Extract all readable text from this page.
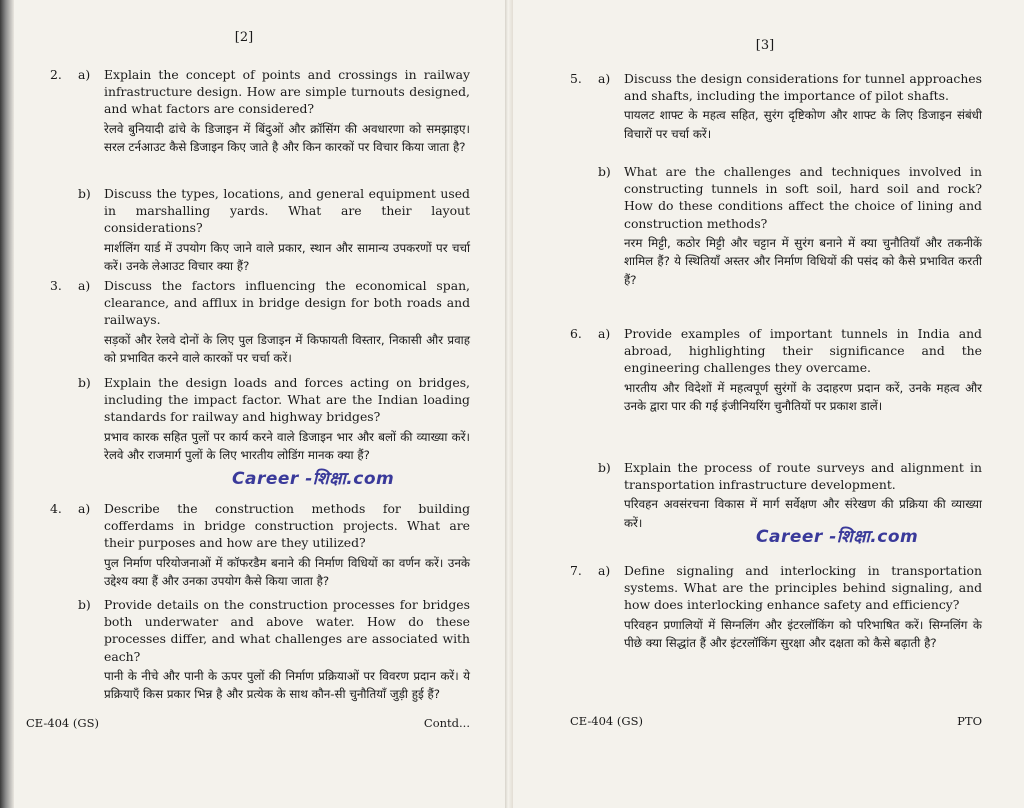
[2]
2.	a)	Explain the concept of points and crossings in railway infrastructure design. How are simple turnouts designed, and what factors are considered?
रेलवे बुनियादी ढांचे के डिजाइन में बिंदुओं और क्रॉसिंग की अवधारणा को समझाइए। सरल टर्नआउट कैसे डिजाइन किए जाते है और किन कारकों पर विचार किया जाता है?
b)	Discuss the types, locations, and general equipment used in marshalling yards. What are their layout considerations?
मार्शलिंग यार्ड में उपयोग किए जाने वाले प्रकार, स्थान और सामान्य उपकरणों पर चर्चा करें। उनके लेआउट विचार क्या हैं?
3.	a)	Discuss the factors influencing the economical span, clearance, and afflux in bridge design for both roads and railways.
सड़कों और रेलवे दोनों के लिए पुल डिजाइन में किफायती विस्तार, निकासी और प्रवाह को प्रभावित करने वाले कारकों पर चर्चा करें।
b)	Explain the design loads and forces acting on bridges, including the impact factor. What are the Indian loading standards for railway and highway bridges?
प्रभाव कारक सहित पुलों पर कार्य करने वाले डिजाइन भार और बलों की व्याख्या करें। रेलवे और राजमार्ग पुलों के लिए भारतीय लोडिंग मानक क्या हैं?
4.	a)	Describe the construction methods for building cofferdams in bridge construction projects. What are their purposes and how are they utilized?
पुल निर्माण परियोजनाओं में कॉफरडैम बनाने की निर्माण विधियों का वर्णन करें। उनके उद्देश्य क्या हैं और उनका उपयोग कैसे किया जाता है?
b)	Provide details on the construction processes for bridges both underwater and above water. How do these processes differ, and what challenges are associated with each?
पानी के नीचे और पानी के ऊपर पुलों की निर्माण प्रक्रियाओं पर विवरण प्रदान करें। ये प्रक्रियाएँ किस प्रकार भिन्न है और प्रत्येक के साथ कौन-सी चुनौतियाँ जुड़ी हुई हैं?
Career -शिक्षा.com
CE-404 (GS)	Contd...
[3]
5.	a)	Discuss the design considerations for tunnel approaches and shafts, including the importance of pilot shafts.
पायलट शाफ्ट के महत्व सहित, सुरंग दृष्टिकोण और शाफ्ट के लिए डिजाइन संबंधी विचारों पर चर्चा करें।
b)	What are the challenges and techniques involved in constructing tunnels in soft soil, hard soil and rock? How do these conditions affect the choice of lining and construction methods?
नरम मिट्टी, कठोर मिट्टी और चट्टान में सुरंग बनाने में क्या चुनौतियाँ और तकनीकें शामिल हैं? ये स्थितियाँ अस्तर और निर्माण विधियों की पसंद को कैसे प्रभावित करती हैं?
6.	a)	Provide examples of important tunnels in India and abroad, highlighting their significance and the engineering challenges they overcame.
भारतीय और विदेशों में महत्वपूर्ण सुरंगों के उदाहरण प्रदान करें, उनके महत्व और उनके द्वारा पार की गई इंजीनियरिंग चुनौतियों पर प्रकाश डालें।
b)	Explain the process of route surveys and alignment in transportation infrastructure development.
परिवहन अवसंरचना विकास में मार्ग सर्वेक्षण और संरेखण की प्रक्रिया की व्याख्या करें।
7.	a)	Define signaling and interlocking in transportation systems. What are the principles behind signaling, and how does interlocking enhance safety and efficiency?
परिवहन प्रणालियों में सिग्नलिंग और इंटरलॉकिंग को परिभाषित करें। सिग्नलिंग के पीछे क्या सिद्धांत हैं और इंटरलॉकिंग सुरक्षा और दक्षता को कैसे बढ़ाती है?
Career -शिक्षा.com
CE-404 (GS)	PTO
